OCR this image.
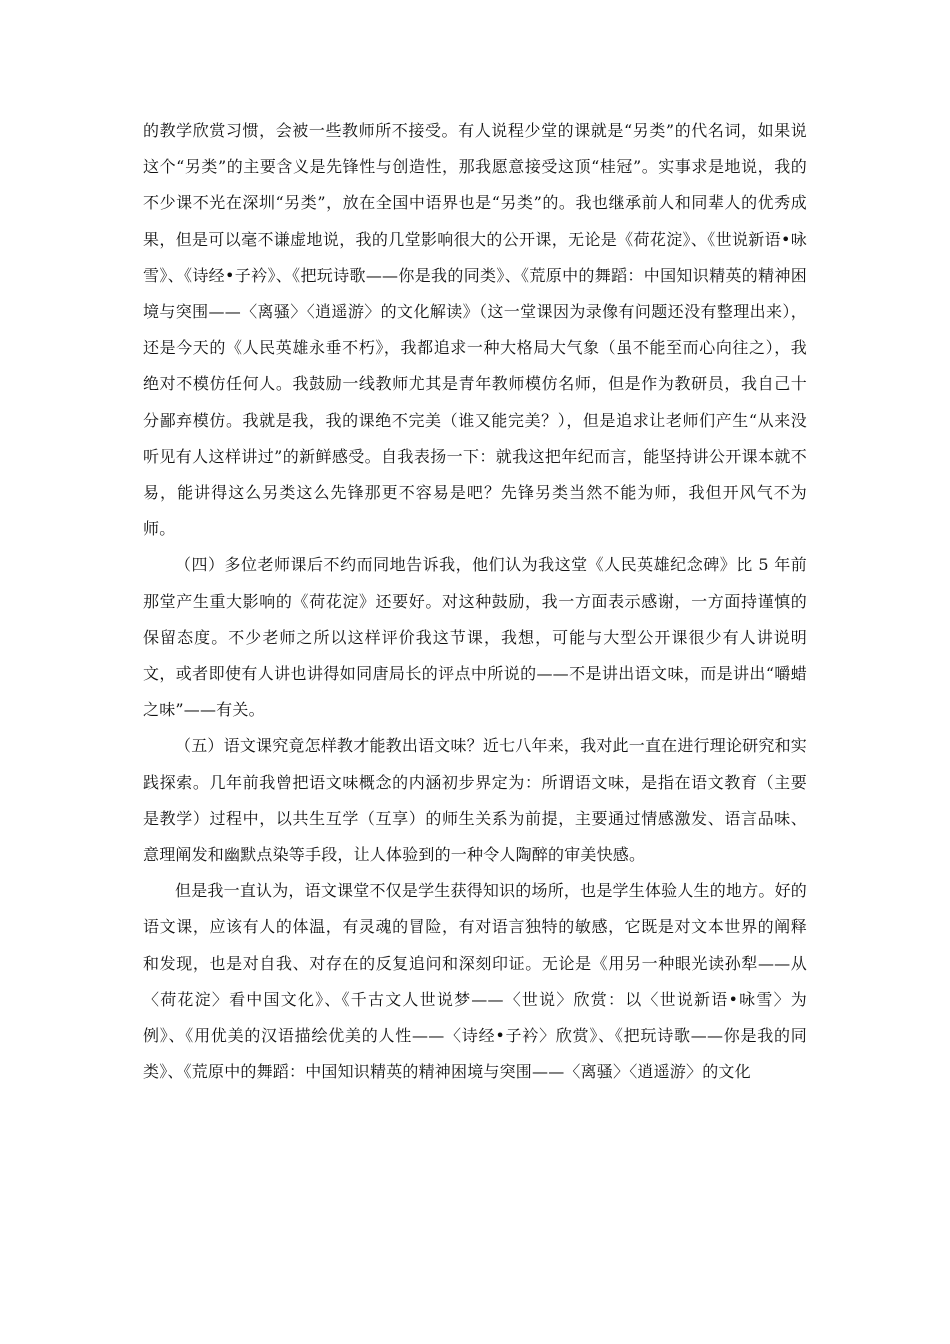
的教学欣赏习惯，会被一些教师所不接受。有人说程少堂的课就是“另类”的代名词，如果说这个“另类”的主要含义是先锋性与创造性，那我愿意接受这顶“桂冠”。实事求是地说，我的不少课不光在深圳“另类”，放在全国中语界也是“另类”的。我也继承前人和同辈人的优秀成果，但是可以毫不谦虚地说，我的几堂影响很大的公开课，无论是《荷花淀》、《世说新语•咏雪》、《诗经•子衿》、《把玩诗歌——你是我的同类》、《荒原中的舞蹈：中国知识精英的精神困境与突围——〈离骚〉〈逍遥游〉的文化解读》（这一堂课因为录像有问题还没有整理出来），还是今天的《人民英雄永垂不朽》，我都追求一种大格局大气象（虽不能至而心向往之），我绝对不模仿任何人。我鼓励一线教师尤其是青年教师模仿名师，但是作为教研员，我自己十分鄙弃模仿。我就是我，我的课绝不完美（谁又能完美？），但是追求让老师们产生“从来没听见有人这样讲过”的新鲜感受。自我表扬一下：就我这把年纪而言，能坚持讲公开课本就不易，能讲得这么另类这么先锋那更不容易是吧？先锋另类当然不能为师，我但开风气不为师。

（四）多位老师课后不约而同地告诉我，他们认为我这堂《人民英雄纪念碑》比 5 年前那堂产生重大影响的《荷花淀》还要好。对这种鼓励，我一方面表示感谢，一方面持谨慎的保留态度。不少老师之所以这样评价我这节课，我想，可能与大型公开课很少有人讲说明文，或者即使有人讲也讲得如同唐局长的评点中所说的——不是讲出语文味，而是讲出“嚼蜡之味”——有关。

（五）语文课究竟怎样教才能教出语文味？近七八年来，我对此一直在进行理论研究和实践探索。几年前我曾把语文味概念的内涵初步界定为：所谓语文味，是指在语文教育（主要是教学）过程中，以共生互学（互享）的师生关系为前提，主要通过情感激发、语言品味、意理阐发和幽默点染等手段，让人体验到的一种令人陶醉的审美快感。

但是我一直认为，语文课堂不仅是学生获得知识的场所，也是学生体验人生的地方。好的语文课，应该有人的体温，有灵魂的冒险，有对语言独特的敏感，它既是对文本世界的阐释和发现，也是对自我、对存在的反复追问和深刻印证。无论是《用另一种眼光读孙犁——从〈荷花淀〉看中国文化》、《千古文人世说梦——〈世说〉欣赏：以〈世说新语•咏雪〉为例》、《用优美的汉语描绘优美的人性——〈诗经•子衿〉欣赏》、《把玩诗歌——你是我的同类》、《荒原中的舞蹈：中国知识精英的精神困境与突围——〈离骚〉〈逍遥游〉的文化
